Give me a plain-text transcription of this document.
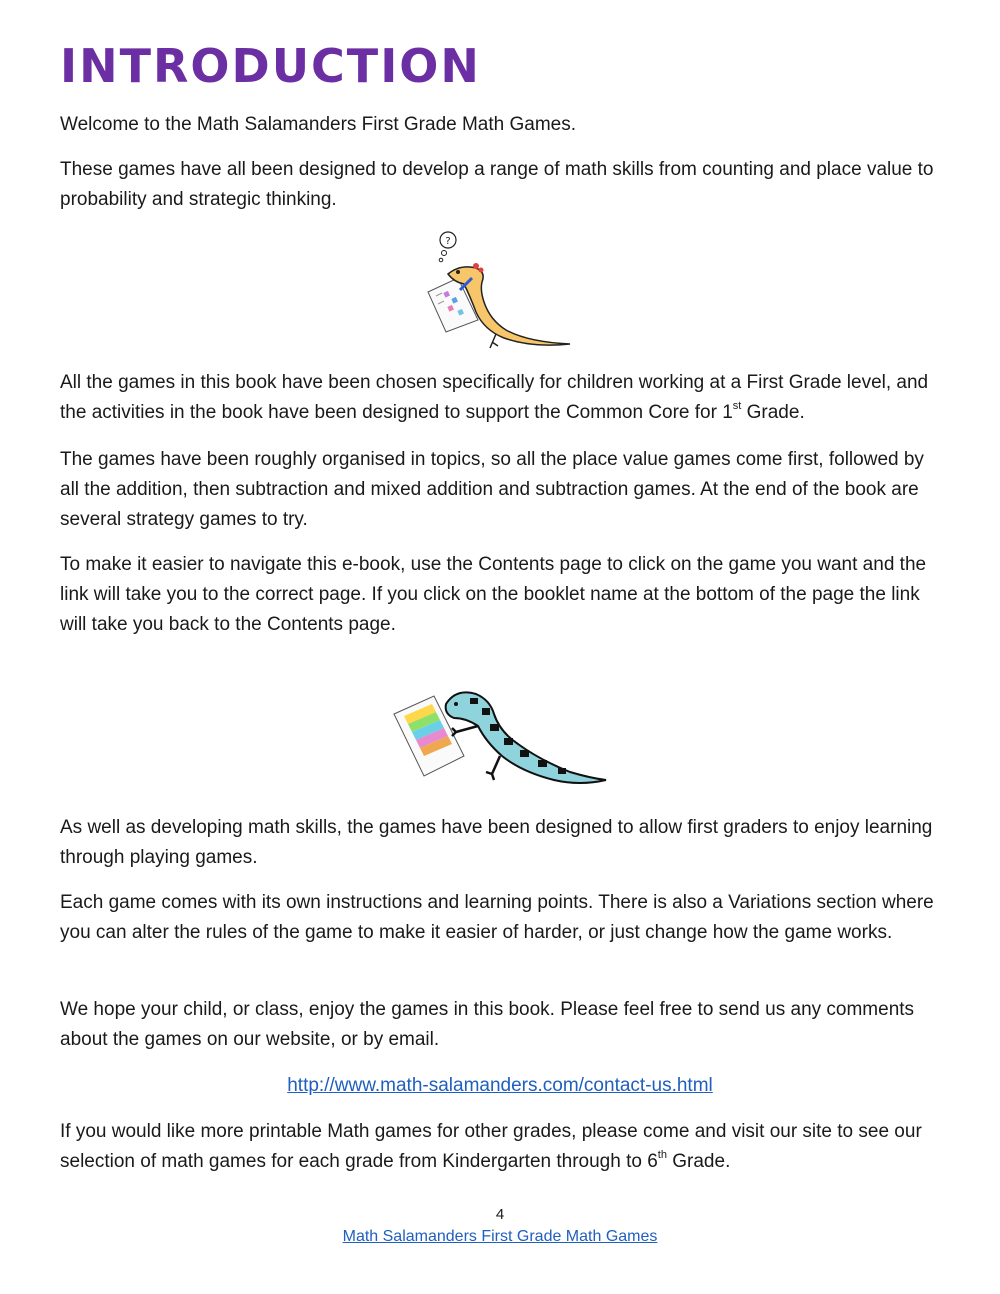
INTRODUCTION

Welcome to the Math Salamanders First Grade Math Games.

These games have all been designed to develop a range of math skills from counting and place value to probability and strategic thinking.

?

All the games in this book have been chosen specifically for children working at a First Grade level, and the activities in the book have been designed to support the Common Core for 1st Grade.

The games have been roughly organised in topics, so all the place value games come first, followed by all the addition, then subtraction and mixed addition and subtraction games. At the end of the book are several strategy games to try.

To make it easier to navigate this e-book, use the Contents page to click on the game you want and the link will take you to the correct page. If you click on the booklet name at the bottom of the page the link will take you back to the Contents page.

As well as developing math skills, the games have been designed to allow first graders to enjoy learning through playing games.

Each game comes with its own instructions and learning points. There is also a Variations section where you can alter the rules of the game to make it easier of harder, or just change how the game works.

We hope your child, or class, enjoy the games in this book. Please feel free to send us any comments about the games on our website, or by email.

http://www.math-salamanders.com/contact-us.html

If you would like more printable Math games for other grades, please come and visit our site to see our selection of math games for each grade from Kindergarten through to 6th Grade.

4

Math Salamanders First Grade Math Games
